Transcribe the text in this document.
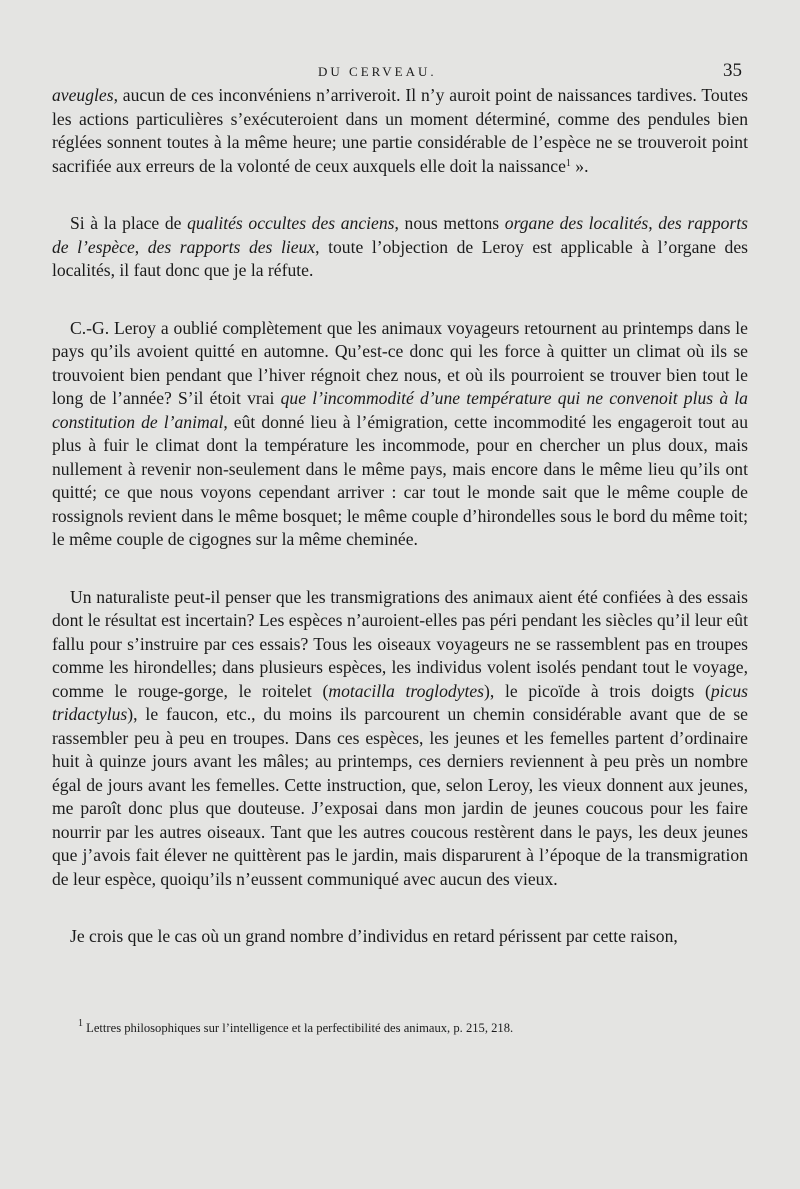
DU CERVEAU.	35

aveugles, aucun de ces inconvéniens n’arriveroit. Il n’y auroit point de naissances tardives. Toutes les actions particulières s’exécuteroient dans un moment déterminé, comme des pendules bien réglées sonnent toutes à la même heure; une partie considérable de l’espèce ne se trouveroit point sacrifiée aux erreurs de la volonté de ceux auxquels elle doit la naissance$^1$ ».

Si à la place de qualités occultes des anciens, nous mettons organe des localités, des rapports de l’espèce, des rapports des lieux, toute l’objection de Leroy est applicable à l’organe des localités, il faut donc que je la réfute.

C.-G. Leroy a oublié complètement que les animaux voyageurs retournent au printemps dans le pays qu’ils avoient quitté en automne. Qu’est-ce donc qui les force à quitter un climat où ils se trouvoient bien pendant que l’hiver régnoit chez nous, et où ils pourroient se trouver bien tout le long de l’année? S’il étoit vrai que l’incommodité d’une température qui ne convenoit plus à la constitution de l’animal, eût donné lieu à l’émigration, cette incommodité les engageroit tout au plus à fuir le climat dont la température les incommode, pour en chercher un plus doux, mais nullement à revenir non-seulement dans le même pays, mais encore dans le même lieu qu’ils ont quitté; ce que nous voyons cependant arriver : car tout le monde sait que le même couple de rossignols revient dans le même bosquet; le même couple d’hirondelles sous le bord du même toit; le même couple de cigognes sur la même cheminée.

Un naturaliste peut-il penser que les transmigrations des animaux aient été confiées à des essais dont le résultat est incertain? Les espèces n’auroient-elles pas péri pendant les siècles qu’il leur eût fallu pour s’instruire par ces essais? Tous les oiseaux voyageurs ne se rassemblent pas en troupes comme les hirondelles; dans plusieurs espèces, les individus volent isolés pendant tout le voyage, comme le rouge-gorge, le roitelet (motacilla troglodytes), le picoïde à trois doigts (picus tridactylus), le faucon, etc., du moins ils parcourent un chemin considérable avant que de se rassembler peu à peu en troupes. Dans ces espèces, les jeunes et les femelles partent d’ordinaire huit à quinze jours avant les mâles; au printemps, ces derniers reviennent à peu près un nombre égal de jours avant les femelles. Cette instruction, que, selon Leroy, les vieux donnent aux jeunes, me paroît donc plus que douteuse. J’exposai dans mon jardin de jeunes coucous pour les faire nourrir par les autres oiseaux. Tant que les autres coucous restèrent dans le pays, les deux jeunes que j’avois fait élever ne quittèrent pas le jardin, mais disparurent à l’époque de la transmigration de leur espèce, quoiqu’ils n’eussent communiqué avec aucun des vieux.

Je crois que le cas où un grand nombre d’individus en retard périssent par cette raison,

$^1$ Lettres philosophiques sur l’intelligence et la perfectibilité des animaux, p. 215, 218.
